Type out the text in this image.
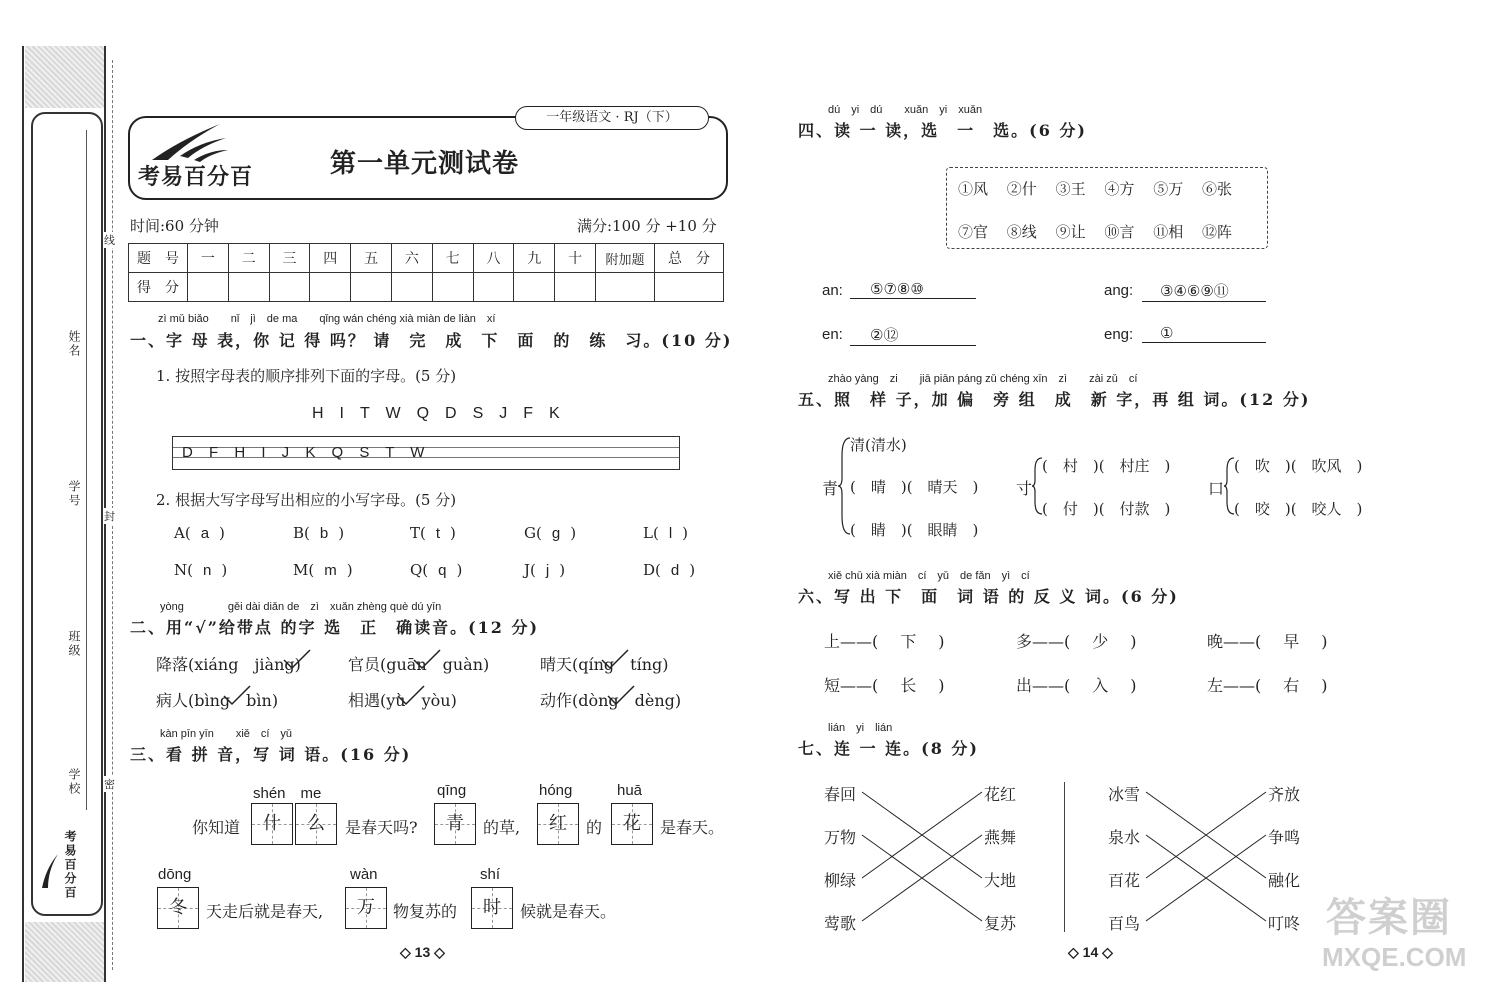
姓名
学号
班级
学校
考易百分百
线
封
密
考易百分百
一年级语文 · RJ（下）
第一单元测试卷
时间:60 分钟	满分:100 分 +10 分
题　号	一	二	三	四	五	六	七	八	九	十	附加题	总　分
得　分												
zì mǔ biǎo　　nǐ　jì　de ma　　qǐng wán chéng xià miàn de liàn　xí
一、字 母 表，你 记 得 吗？ 请　完　成　下　面　的　练　习。(10 分)
1. 按照字母表的顺序排列下面的字母。(5 分)
H　I　T　W　Q　D　S　J　F　K
D F H I J K Q S T W
2. 根据大写字母写出相应的小写字母。(5 分)
A( a )	B( b )	T( t )	G( g )	L( l )
N( n )	M( m )	Q( q )	J( j )	D( d )
yòng　　　　gěi dài diǎn de　zì　xuǎn zhèng què dú yīn
二、用“√”给带点 的字 选　正　确读音。(12 分)
降落(xiáng　jiàng)	官员(guān　guàn)	晴天(qíng　tíng)
病人(bìng　bìn)	相遇(yù　yòu)	动作(dòng　dèng)
kàn pīn yīn　　xiě　cí　yǔ
三、看 拼 音，写 词 语。(16 分)
shén　me
你知道	什	么	是春天吗?
qīng
青	的草,
hóng
红	的
huā
花	是春天。
dōng
冬	天走后就是春天,
wàn
万	物复苏的
shí
时	候就是春天。
◇ 13 ◇
dú　yi　dú　　xuǎn　yi　xuǎn
四、读 一 读，选　一　选。(6 分)
①风 ②什 ③王 ④方 ⑤万 ⑥张
⑦官 ⑧线 ⑨让 ⑩言 ⑪相 ⑫阵
an:	⑤⑦⑧⑩	ang:	③④⑥⑨⑪
en:	②⑫	eng:	①
zhào yàng　zi　　jiā piān páng zǔ chéng xīn　zì　　zài zǔ　cí
五、照　样 子，加 偏　旁 组　成　新 字，再 组 词。(12 分)
青
清(清水)
(　晴　)(　晴天　)
(　睛　)(　眼睛　)
寸
(　村　)(　村庄　)
(　付　)(　付款　)
口
(　吹　)(　吹风　)
(　咬　)(　咬人　)
xiě chū xià miàn　cí　yǔ　de fǎn　yì　cí
六、写 出 下　面　词 语 的 反 义 词。(6 分)
上——( 下 )	多——( 少 )	晚——( 早 )
短——( 长 )	出——( 入 )	左——( 右 )
lián　yi　lián
七、连 一 连。(8 分)
春回
万物
柳绿
莺歌
花红
燕舞
大地
复苏
冰雪
泉水
百花
百鸟
齐放
争鸣
融化
叮咚
◇ 14 ◇
答案圈
MXQE.COM
